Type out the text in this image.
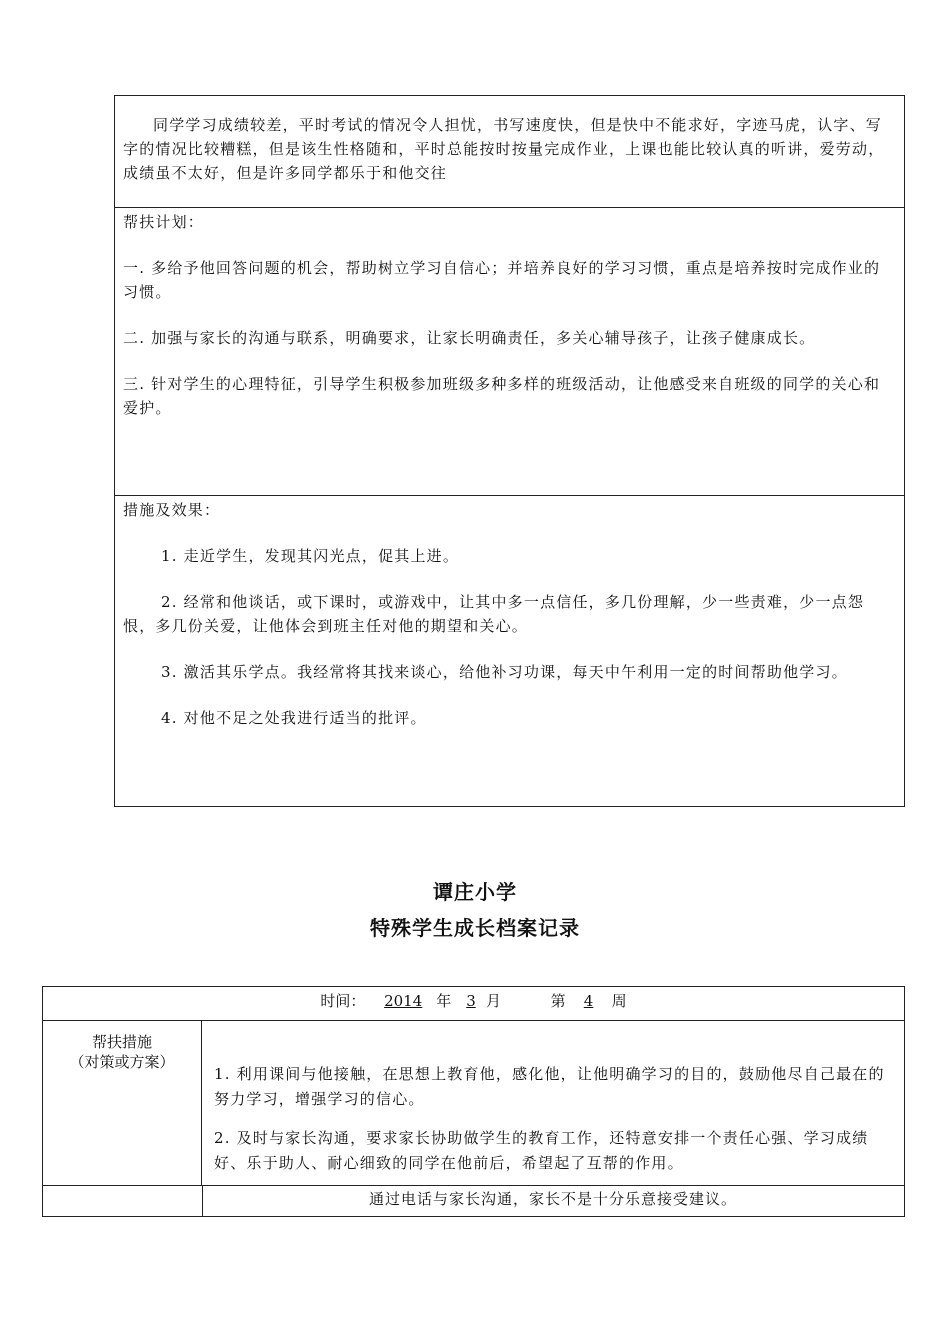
同学学习成绩较差，平时考试的情况令人担忧，书写速度快，但是快中不能求好，字迹马虎，认字、写字的情况比较糟糕，但是该生性格随和，平时总能按时按量完成作业，上课也能比较认真的听讲，爱劳动，成绩虽不太好，但是许多同学都乐于和他交往

帮扶计划：

一. 多给予他回答问题的机会，帮助树立学习自信心；并培养良好的学习习惯，重点是培养按时完成作业的习惯。

二. 加强与家长的沟通与联系，明确要求，让家长明确责任，多关心辅导孩子，让孩子健康成长。

三. 针对学生的心理特征，引导学生积极参加班级多种多样的班级活动，让他感受来自班级的同学的关心和爱护。

措施及效果：

1. 走近学生，发现其闪光点，促其上进。

2. 经常和他谈话，或下课时，或游戏中，让其中多一点信任，多几份理解，少一些责难，少一点怨恨，多几份关爱，让他体会到班主任对他的期望和关心。

3. 激活其乐学点。我经常将其找来谈心，给他补习功课，每天中午利用一定的时间帮助他学习。

4. 对他不足之处我进行适当的批评。

谭庄小学
特殊学生成长档案记录
时间： 2014 年 3 月	第 4 周
帮扶措施
（对策或方案）

1. 利用课间与他接触，在思想上教育他，感化他，让他明确学习的目的，鼓励他尽自己最在的努力学习，增强学习的信心。

2. 及时与家长沟通，要求家长协助做学生的教育工作，还特意安排一个责任心强、学习成绩好、乐于助人、耐心细致的同学在他前后，希望起了互帮的作用。

通过电话与家长沟通，家长不是十分乐意接受建议。
